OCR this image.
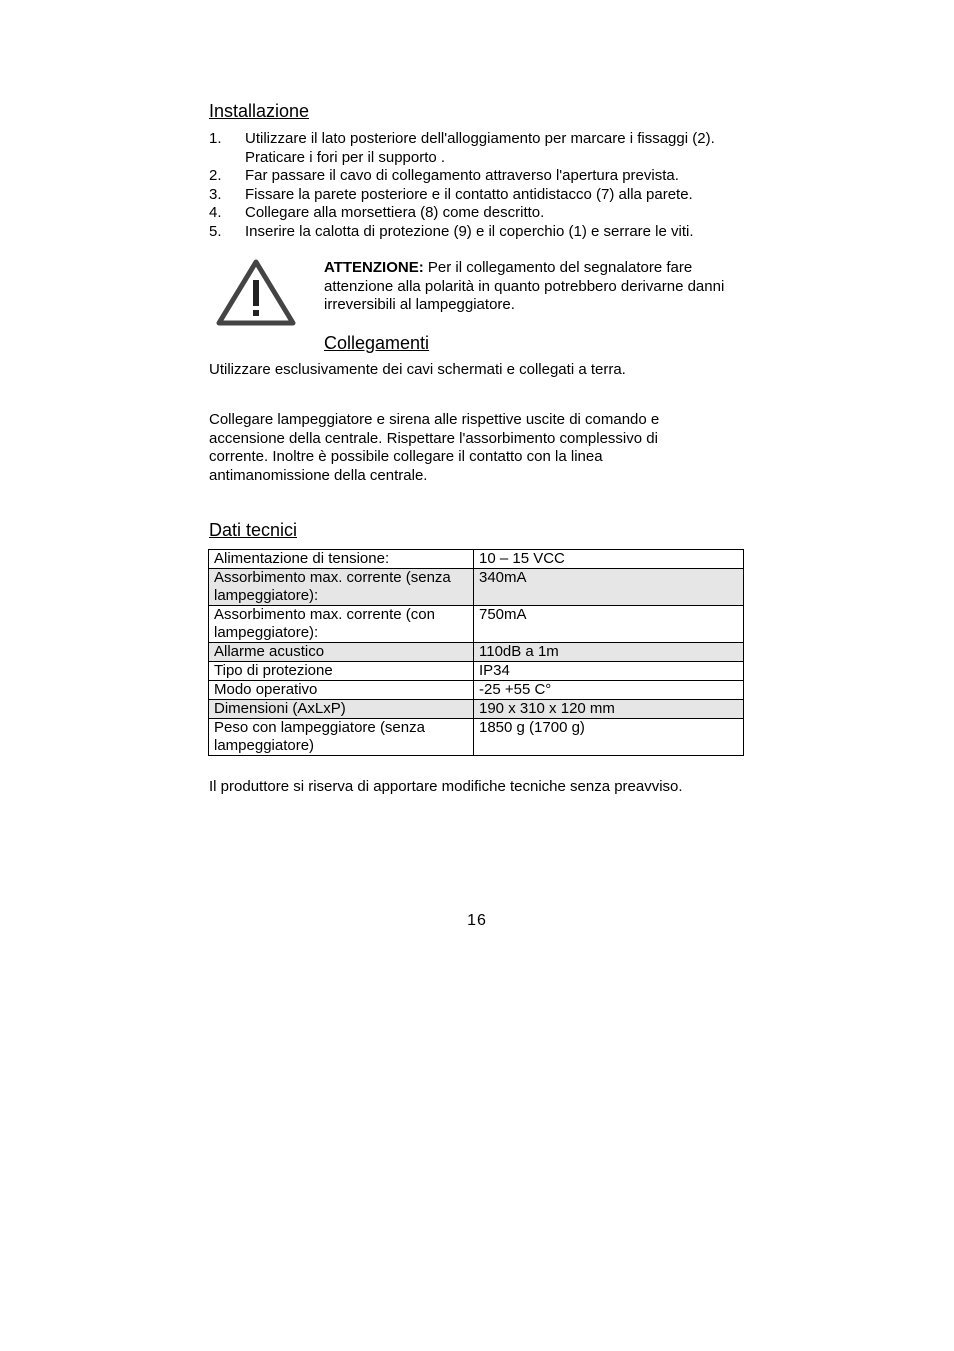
Installazione
1.	Utilizzare il lato posteriore dell'alloggiamento per marcare i fissaggi (2). Praticare i fori per il supporto .
2.	Far passare il cavo di collegamento attraverso l'apertura prevista.
3.	Fissare la parete posteriore e il contatto antidistacco (7) alla parete.
4.	Collegare alla morsettiera (8) come descritto.
5.	Inserire la calotta di protezione (9) e il coperchio (1) e serrare le viti.
ATTENZIONE: Per il collegamento del segnalatore fare attenzione alla polarità in quanto potrebbero derivarne danni irreversibili al lampeggiatore.
Collegamenti

Utilizzare esclusivamente dei cavi schermati e collegati a terra.

Collegare lampeggiatore e sirena alle rispettive uscite di comando e accensione della centrale. Rispettare l'assorbimento complessivo di corrente. Inoltre è possibile collegare il contatto con la linea antimanomissione della centrale.

Dati tecnici
Alimentazione di tensione:	10 – 15 VCC
Assorbimento max. corrente (senza lampeggiatore):	340mA
Assorbimento max. corrente (con lampeggiatore):	750mA
Allarme acustico	110dB a 1m
Tipo di protezione	IP34
Modo operativo	-25 +55 C°
Dimensioni (AxLxP)	190 x 310 x 120 mm
Peso con lampeggiatore (senza lampeggiatore)	1850 g (1700 g)

Il produttore si riserva di apportare modifiche tecniche senza preavviso.

16
